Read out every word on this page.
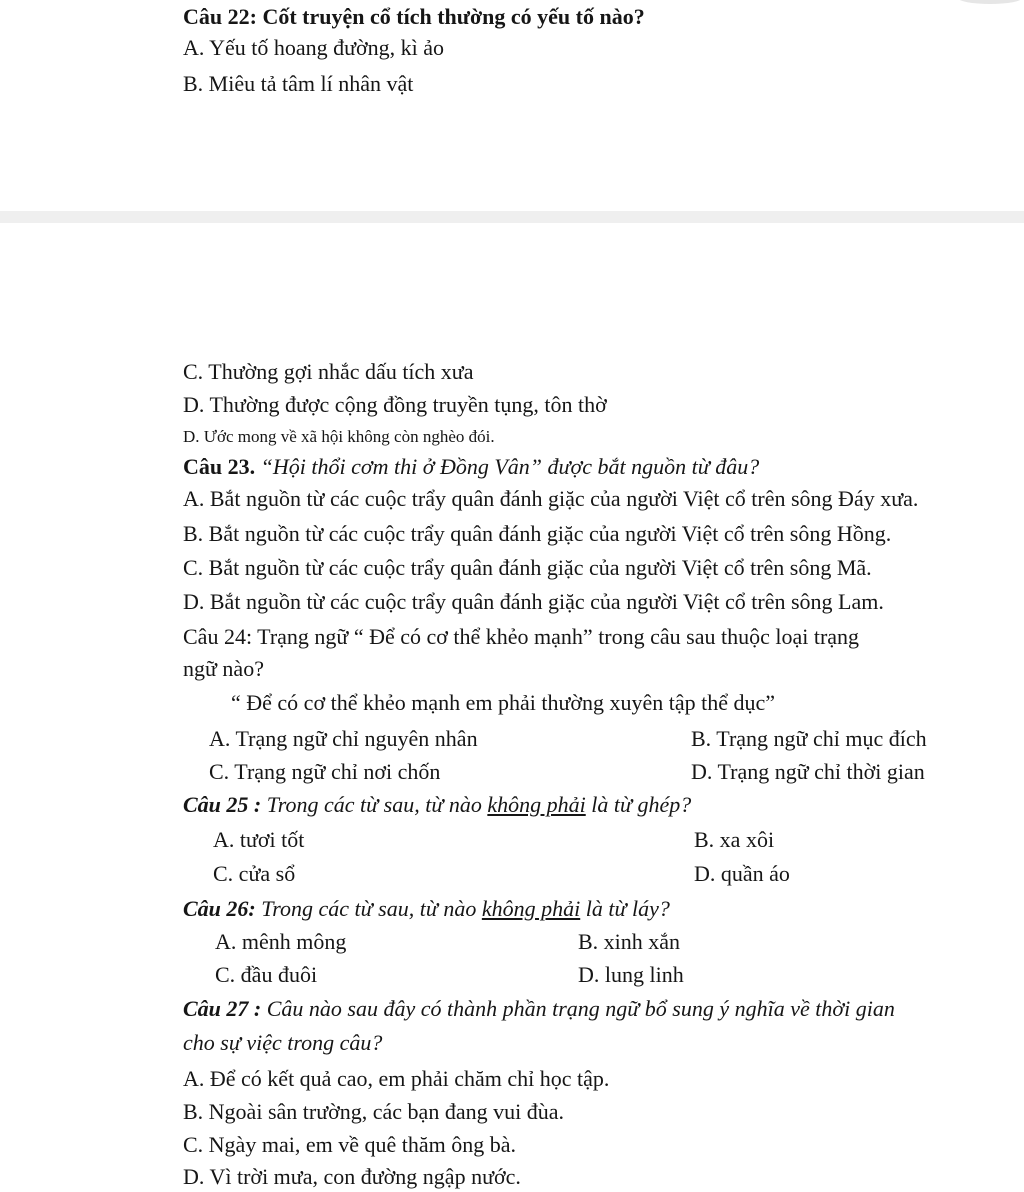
Câu 22: Cốt truyện cổ tích thường có yếu tố nào?
A. Yếu tố hoang đường, kì ảo
B. Miêu tả tâm lí nhân vật
C. Thường gợi nhắc dấu tích xưa
D. Thường được cộng đồng truyền tụng, tôn thờ
D. Ước mong về xã hội không còn nghèo đói.
Câu 23. “Hội thổi cơm thi ở Đồng Vân” được bắt nguồn từ đâu?
A. Bắt nguồn từ các cuộc trẩy quân đánh giặc của người Việt cổ trên sông Đáy xưa.
B. Bắt nguồn từ các cuộc trẩy quân đánh giặc của người Việt cổ trên sông Hồng.
C. Bắt nguồn từ các cuộc trẩy quân đánh giặc của người Việt cổ trên sông Mã.
D. Bắt nguồn từ các cuộc trẩy quân đánh giặc của người Việt cổ trên sông Lam.
Câu 24: Trạng ngữ “ Để có cơ thể khẻo mạnh” trong câu sau thuộc loại trạng
ngữ nào?
“ Để có cơ thể khẻo mạnh em phải thường xuyên tập thể dục”
A. Trạng ngữ chỉ nguyên nhân	B. Trạng ngữ chỉ mục đích
C. Trạng ngữ chỉ nơi chốn	D. Trạng ngữ chỉ thời gian
Câu 25 : Trong các từ sau, từ nào không phải là từ ghép?
A. tươi tốt	B. xa xôi
C. cửa sổ	D. quần áo
Câu 26: Trong các từ sau, từ nào không phải là từ láy?
A. mênh mông	B. xinh xắn
C. đầu đuôi	D. lung linh
Câu 27 : Câu nào sau đây có thành phần trạng ngữ bổ sung ý nghĩa về thời gian
cho sự việc trong câu?
A. Để có kết quả cao, em phải chăm chỉ học tập.
B. Ngoài sân trường, các bạn đang vui đùa.
C. Ngày mai, em về quê thăm ông bà.
D. Vì trời mưa, con đường ngập nước.
